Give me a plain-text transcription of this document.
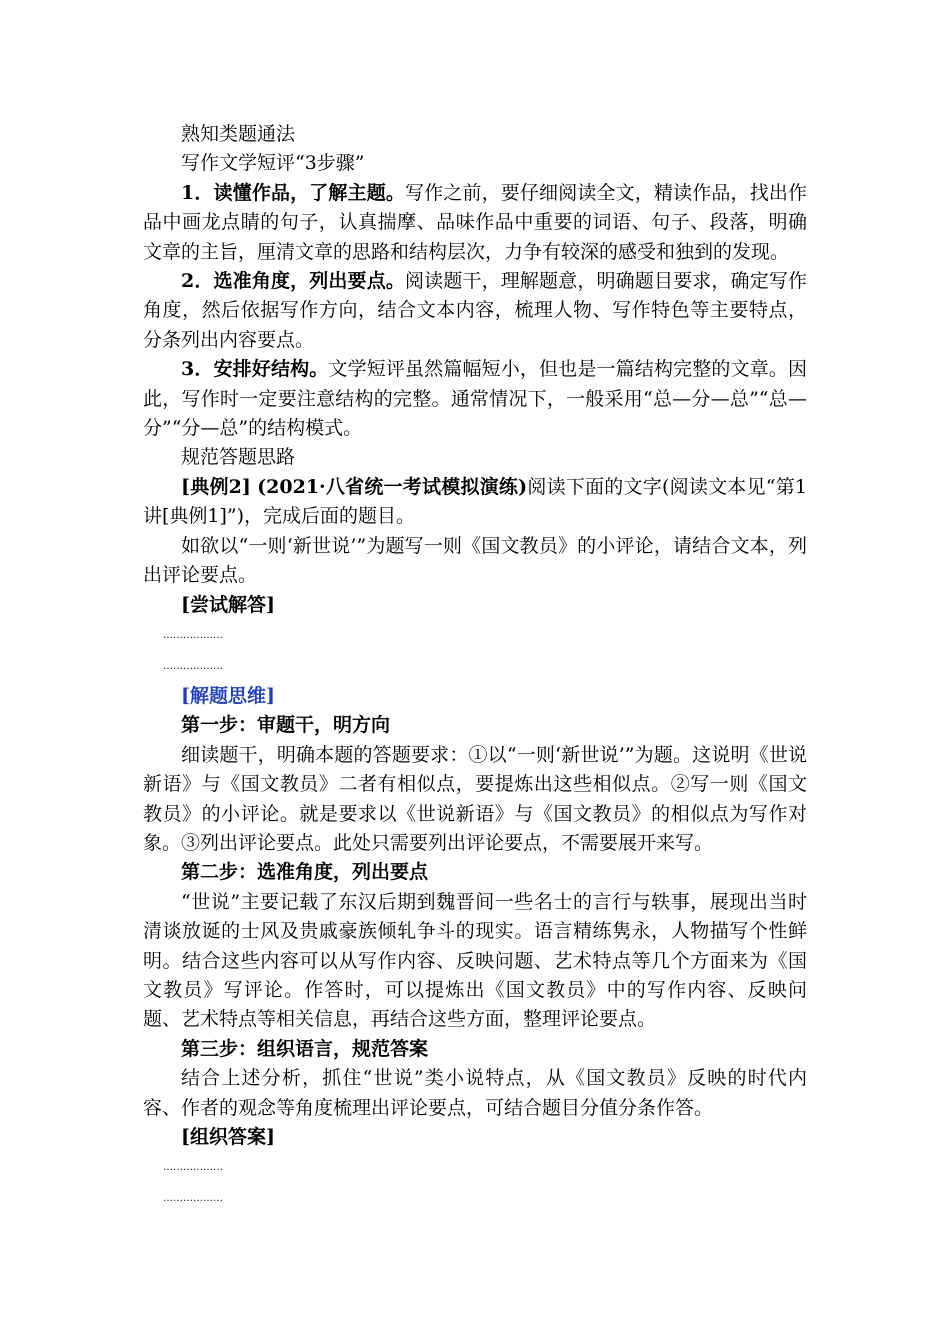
熟知类题通法

写作文学短评“3步骤”

1．读懂作品，了解主题。写作之前，要仔细阅读全文，精读作品，找出作品中画龙点睛的句子，认真揣摩、品味作品中重要的词语、句子、段落，明确文章的主旨，厘清文章的思路和结构层次，力争有较深的感受和独到的发现。

2．选准角度，列出要点。阅读题干，理解题意，明确题目要求，确定写作角度，然后依据写作方向，结合文本内容，梳理人物、写作特色等主要特点，分条列出内容要点。

3．安排好结构。文学短评虽然篇幅短小，但也是一篇结构完整的文章。因此，写作时一定要注意结构的完整。通常情况下，一般采用“总—分—总”“总—分”“分—总”的结构模式。

规范答题思路

[典例2] (2021·八省统一考试模拟演练)阅读下面的文字(阅读文本见“第1讲[典例1]”)，完成后面的题目。

如欲以“一则‘新世说’”为题写一则《国文教员》的小评论，请结合文本，列出评论要点。

[尝试解答]

………………

………………

[解题思维]

第一步：审题干，明方向

细读题干，明确本题的答题要求：①以“一则‘新世说’”为题。这说明《世说新语》与《国文教员》二者有相似点，要提炼出这些相似点。②写一则《国文教员》的小评论。就是要求以《世说新语》与《国文教员》的相似点为写作对象。③列出评论要点。此处只需要列出评论要点，不需要展开来写。

第二步：选准角度，列出要点

“世说”主要记载了东汉后期到魏晋间一些名士的言行与轶事，展现出当时清谈放诞的士风及贵戚豪族倾轧争斗的现实。语言精练隽永，人物描写个性鲜明。结合这些内容可以从写作内容、反映问题、艺术特点等几个方面来为《国文教员》写评论。作答时，可以提炼出《国文教员》中的写作内容、反映问题、艺术特点等相关信息，再结合这些方面，整理评论要点。

第三步：组织语言，规范答案

结合上述分析，抓住“世说”类小说特点，从《国文教员》反映的时代内容、作者的观念等角度梳理出评论要点，可结合题目分值分条作答。

[组织答案]

………………

………………
